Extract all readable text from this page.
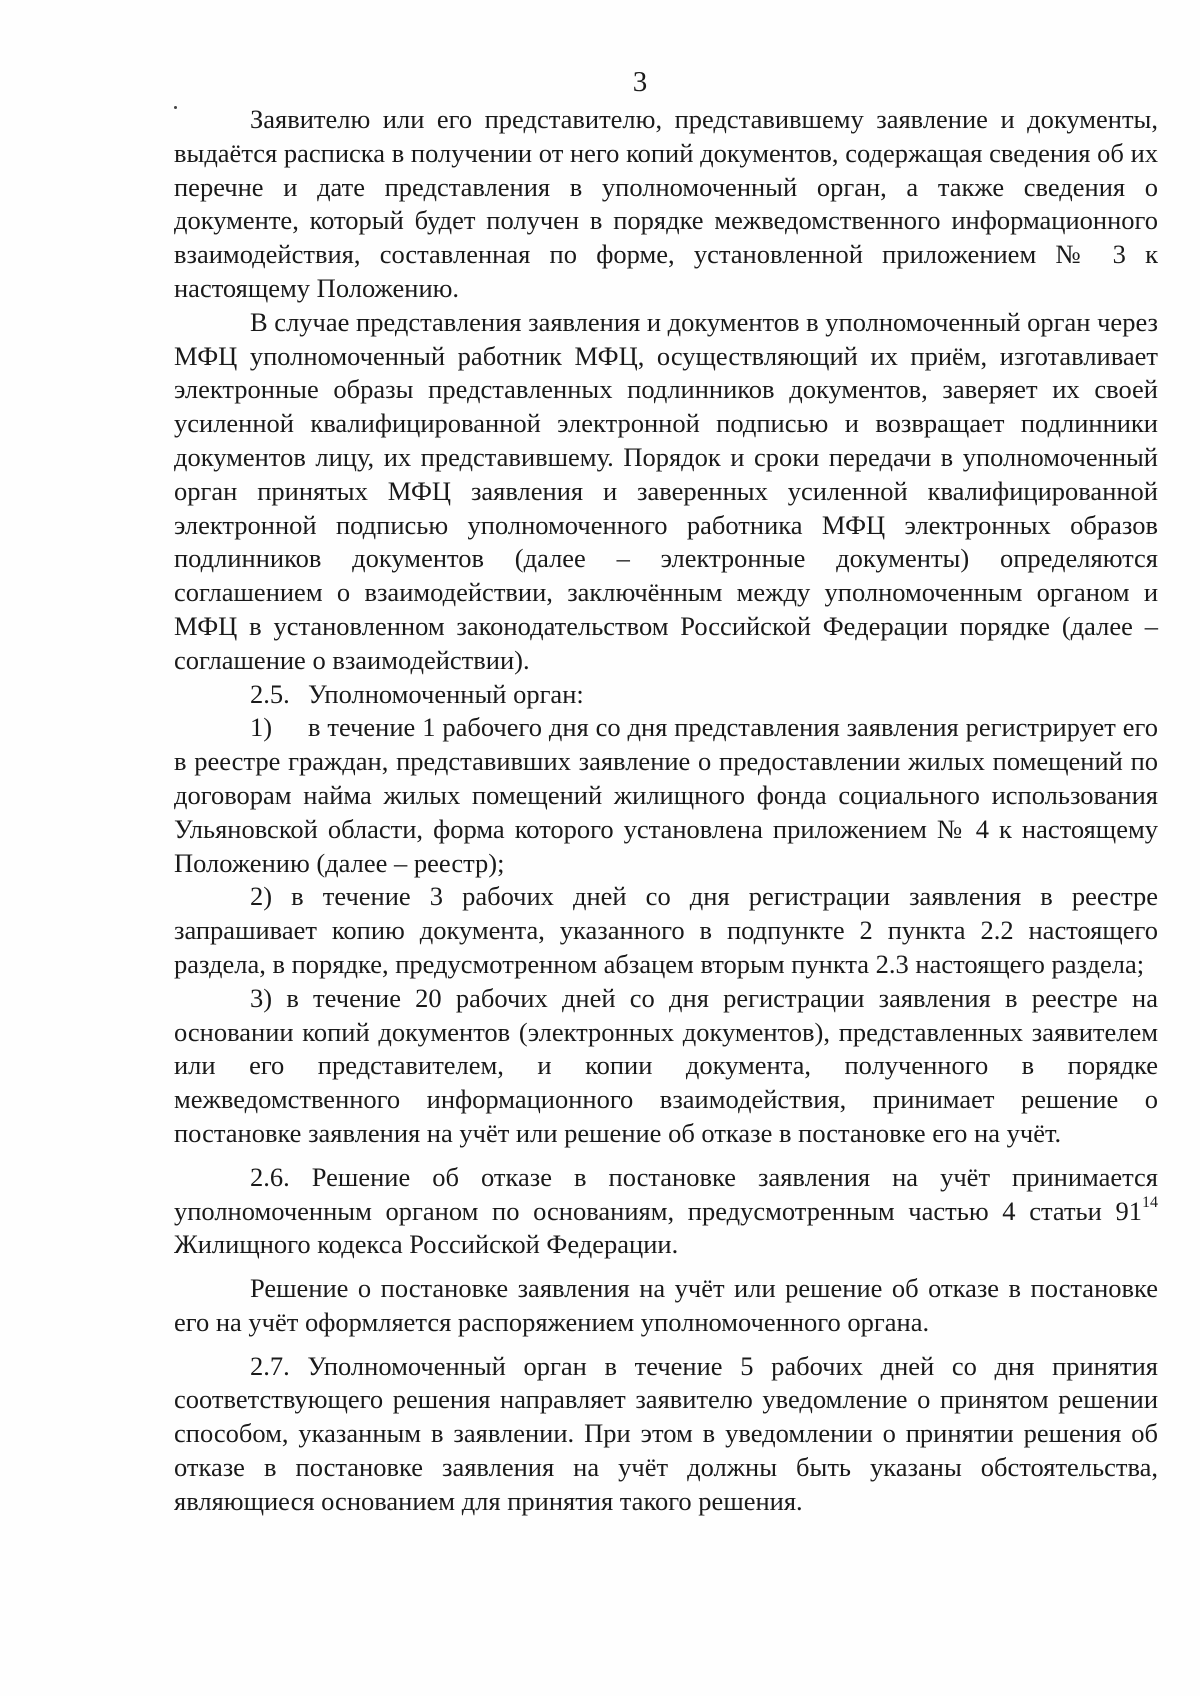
3

Заявителю или его представителю, представившему заявление и документы, выдаётся расписка в получении от него копий документов, содержащая сведения об их перечне и дате представления в уполномоченный орган, а также сведения о документе, который будет получен в порядке межведомственного информационного взаимодействия, составленная по форме, установленной приложением № 3 к настоящему Положению.

В случае представления заявления и документов в уполномоченный орган через МФЦ уполномоченный работник МФЦ, осуществляющий их приём, изготавливает электронные образы представленных подлинников документов, заверяет их своей усиленной квалифицированной электронной подписью и возвращает подлинники документов лицу, их представившему. Порядок и сроки передачи в уполномоченный орган принятых МФЦ заявления и заверенных усиленной квалифицированной электронной подписью уполномоченного работника МФЦ электронных образов подлинников документов (далее – электронные документы) определяются соглашением о взаимодействии, заключённым между уполномоченным органом и МФЦ в установленном законодательством Российской Федерации порядке (далее – соглашение о взаимодействии).

2.5. Уполномоченный орган:

1) в течение 1 рабочего дня со дня представления заявления регистрирует его в реестре граждан, представивших заявление о предоставлении жилых помещений по договорам найма жилых помещений жилищного фонда социального использования Ульяновской области, форма которого установлена приложением № 4 к настоящему Положению (далее – реестр);

2) в течение 3 рабочих дней со дня регистрации заявления в реестре запрашивает копию документа, указанного в подпункте 2 пункта 2.2 настоящего раздела, в порядке, предусмотренном абзацем вторым пункта 2.3 настоящего раздела;

3) в течение 20 рабочих дней со дня регистрации заявления в реестре на основании копий документов (электронных документов), представленных заявителем или его представителем, и копии документа, полученного в порядке межведомственного информационного взаимодействия, принимает решение о постановке заявления на учёт или решение об отказе в постановке его на учёт.

2.6. Решение об отказе в постановке заявления на учёт принимается уполномоченным органом по основаниям, предусмотренным частью 4 статьи $91^{14}$ Жилищного кодекса Российской Федерации.

Решение о постановке заявления на учёт или решение об отказе в постановке его на учёт оформляется распоряжением уполномоченного органа.

2.7. Уполномоченный орган в течение 5 рабочих дней со дня принятия соответствующего решения направляет заявителю уведомление о принятом решении способом, указанным в заявлении. При этом в уведомлении о принятии решения об отказе в постановке заявления на учёт должны быть указаны обстоятельства, являющиеся основанием для принятия такого решения.
